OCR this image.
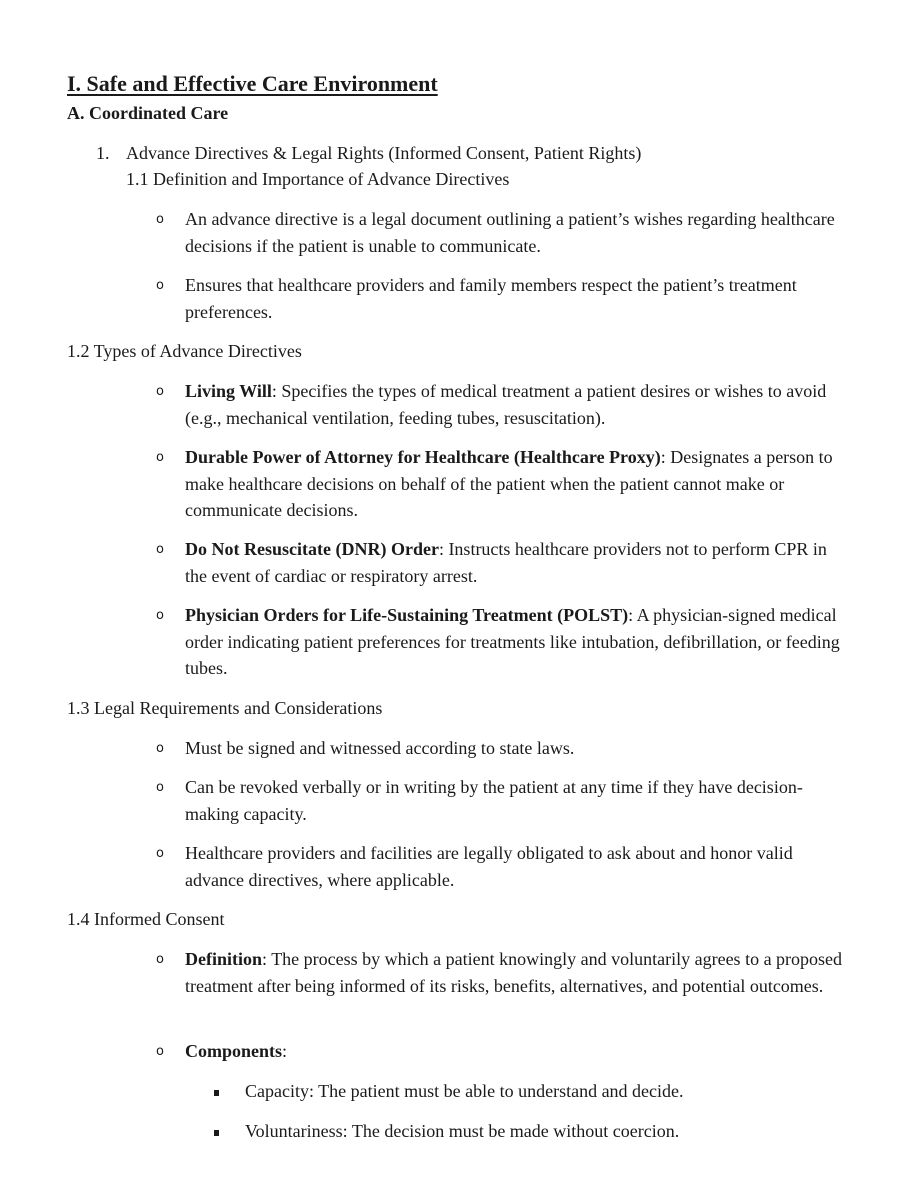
I. Safe and Effective Care Environment
A. Coordinated Care
1. Advance Directives & Legal Rights (Informed Consent, Patient Rights)
1.1 Definition and Importance of Advance Directives
o An advance directive is a legal document outlining a patient’s wishes regarding healthcare decisions if the patient is unable to communicate.
o Ensures that healthcare providers and family members respect the patient’s treatment preferences.
1.2 Types of Advance Directives
o Living Will: Specifies the types of medical treatment a patient desires or wishes to avoid (e.g., mechanical ventilation, feeding tubes, resuscitation).
o Durable Power of Attorney for Healthcare (Healthcare Proxy): Designates a person to make healthcare decisions on behalf of the patient when the patient cannot make or communicate decisions.
o Do Not Resuscitate (DNR) Order: Instructs healthcare providers not to perform CPR in the event of cardiac or respiratory arrest.
o Physician Orders for Life-Sustaining Treatment (POLST): A physician-signed medical order indicating patient preferences for treatments like intubation, defibrillation, or feeding tubes.
1.3 Legal Requirements and Considerations
o Must be signed and witnessed according to state laws.
o Can be revoked verbally or in writing by the patient at any time if they have decision-making capacity.
o Healthcare providers and facilities are legally obligated to ask about and honor valid advance directives, where applicable.
1.4 Informed Consent
o Definition: The process by which a patient knowingly and voluntarily agrees to a proposed treatment after being informed of its risks, benefits, alternatives, and potential outcomes.
o Components:
Capacity: The patient must be able to understand and decide.
Voluntariness: The decision must be made without coercion.
